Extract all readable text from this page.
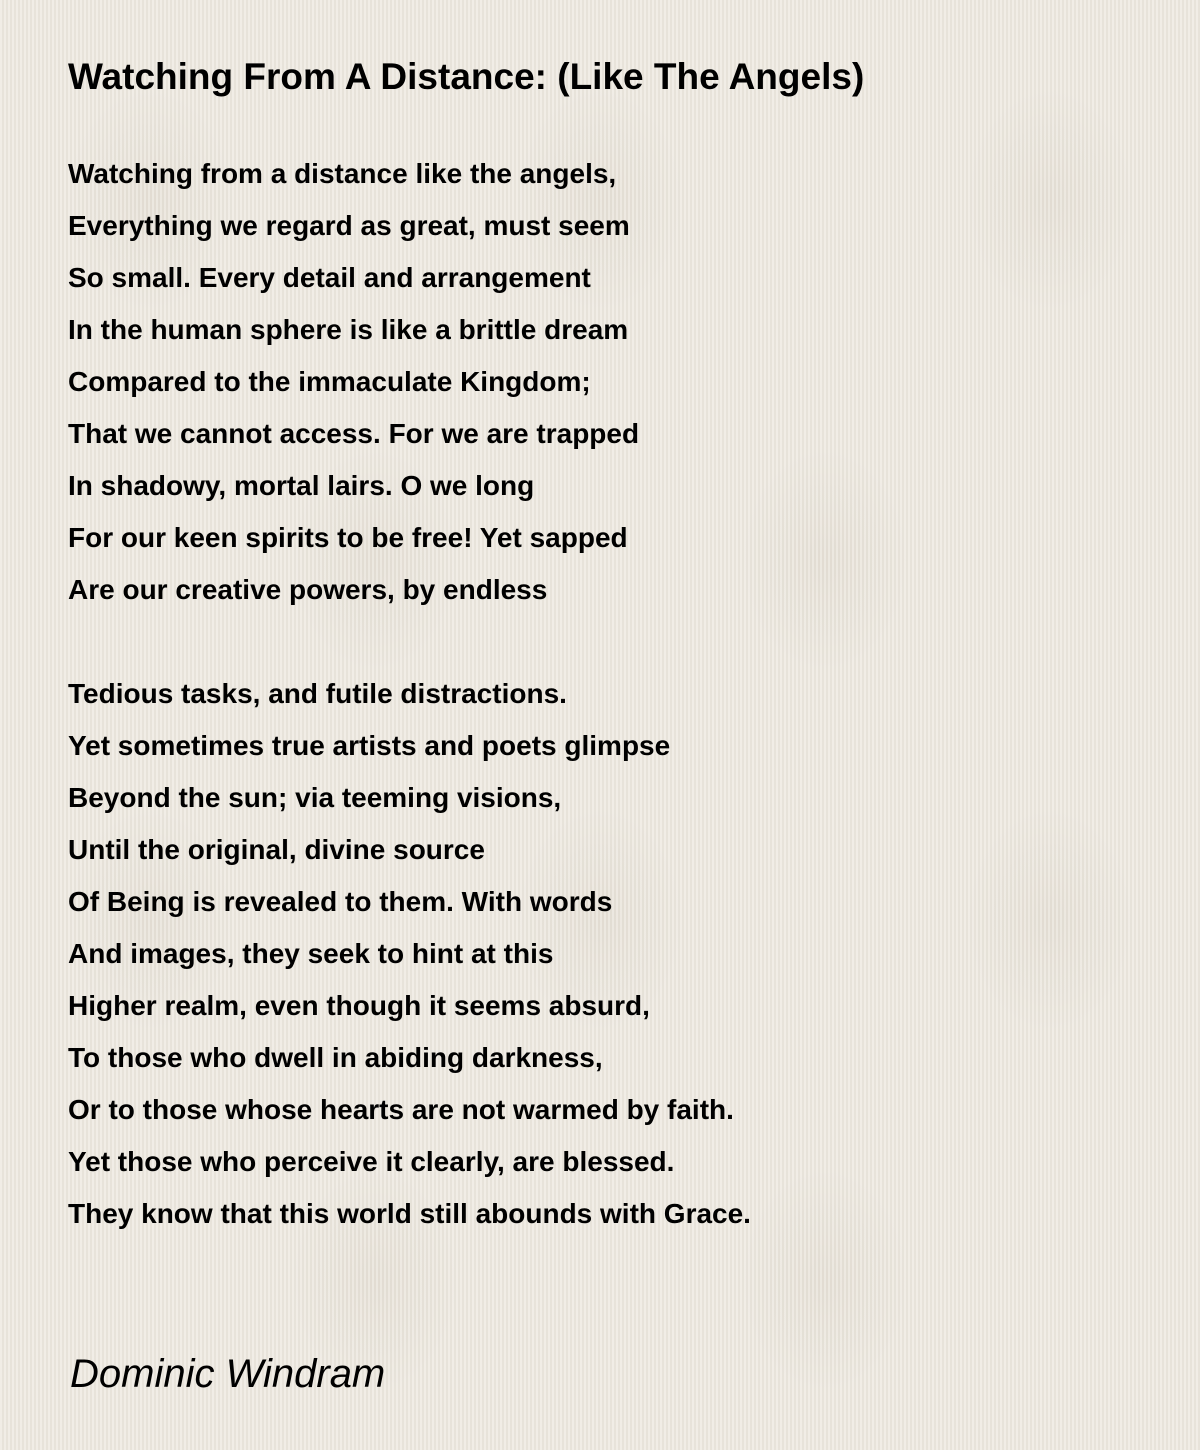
Watching From A Distance: (Like The Angels)
Watching from a distance like the angels,
Everything we regard as great, must seem
So small. Every detail and arrangement
In the human sphere is like a brittle dream
Compared to the immaculate Kingdom;
That we cannot access. For we are trapped
In shadowy, mortal lairs. O we long
For our keen spirits to be free! Yet sapped
Are our creative powers, by endless
Tedious tasks, and futile distractions.
Yet sometimes true artists and poets glimpse
Beyond the sun; via teeming visions,
Until the original, divine source
Of Being is revealed to them. With words
And images, they seek to hint at this
Higher realm, even though it seems absurd,
To those who dwell in abiding darkness,
Or to those whose hearts are not warmed by faith.
Yet those who perceive it clearly, are blessed.
They know that this world still abounds with Grace.

Dominic Windram
